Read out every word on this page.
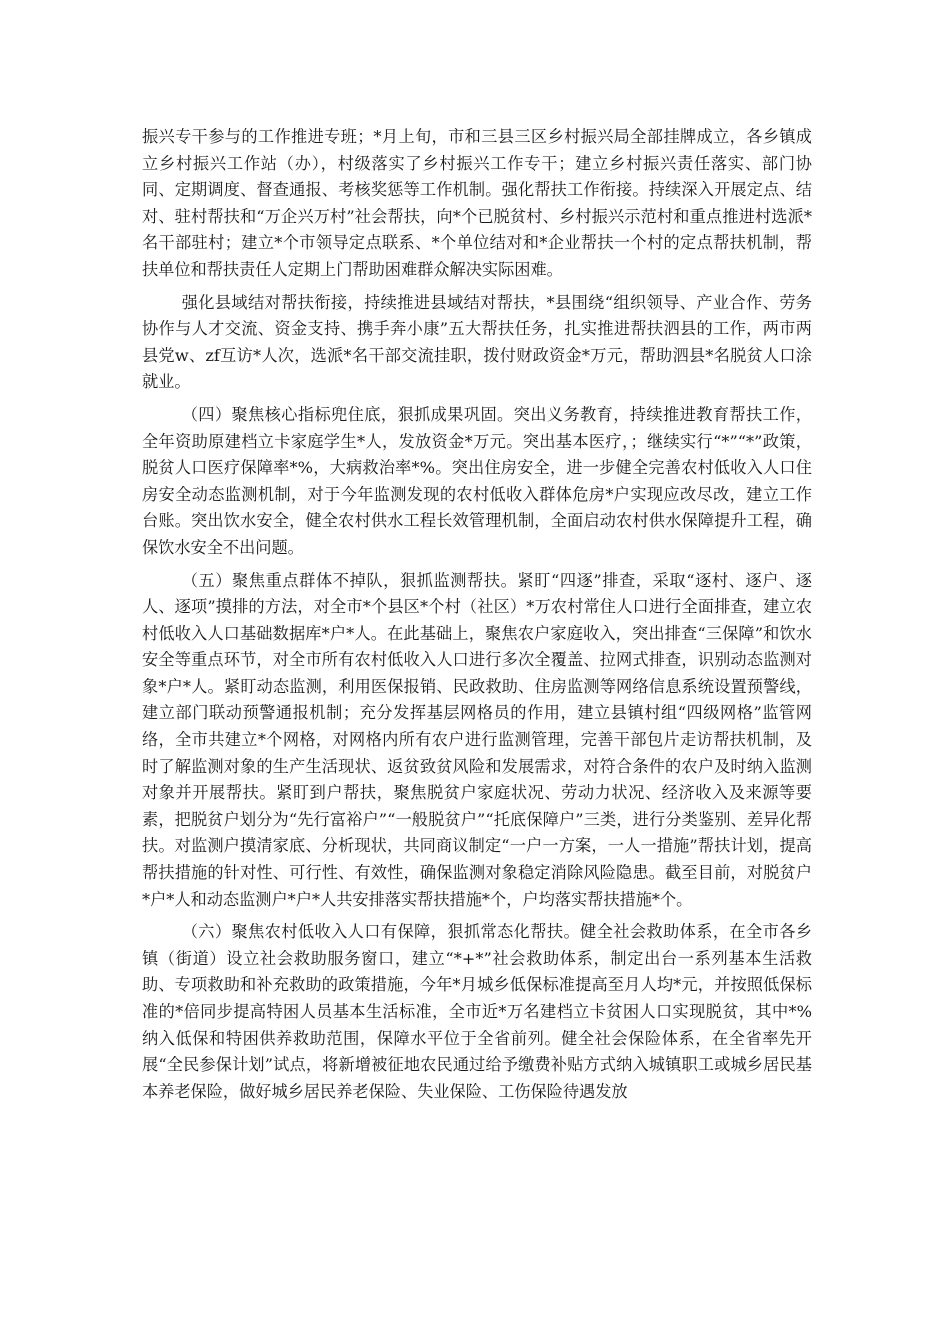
振兴专干参与的工作推进专班；*月上旬，市和三县三区乡村振兴局全部挂牌成立，各乡镇成立乡村振兴工作站（办），村级落实了乡村振兴工作专干；建立乡村振兴责任落实、部门协同、定期调度、督查通报、考核奖惩等工作机制。强化帮扶工作衔接。持续深入开展定点、结对、驻村帮扶和“万企兴万村”社会帮扶，向*个已脱贫村、乡村振兴示范村和重点推进村选派*名干部驻村；建立*个市领导定点联系、*个单位结对和*企业帮扶一个村的定点帮扶机制，帮扶单位和帮扶责任人定期上门帮助困难群众解决实际困难。

强化县域结对帮扶衔接，持续推进县域结对帮扶，*县围绕“组织领导、产业合作、劳务协作与人才交流、资金支持、携手奔小康”五大帮扶任务，扎实推进帮扶泗县的工作，两市两县党w、zf互访*人次，选派*名干部交流挂职，拨付财政资金*万元，帮助泗县*名脱贫人口涂就业。

（四）聚焦核心指标兜住底，狠抓成果巩固。突出义务教育，持续推进教育帮扶工作，全年资助原建档立卡家庭学生*人，发放资金*万元。突出基本医疗，；继续实行“*”“*”政策，脱贫人口医疗保障率*%，大病救治率*%。突出住房安全，进一步健全完善农村低收入人口住房安全动态监测机制，对于今年监测发现的农村低收入群体危房*户实现应改尽改，建立工作台账。突出饮水安全，健全农村供水工程长效管理机制，全面启动农村供水保障提升工程，确保饮水安全不出问题。

（五）聚焦重点群体不掉队，狠抓监测帮扶。紧盯“四逐”排查，采取“逐村、逐户、逐人、逐项”摸排的方法，对全市*个县区*个村（社区）*万农村常住人口进行全面排查，建立农村低收入人口基础数据库*户*人。在此基础上，聚焦农户家庭收入，突出排查“三保障”和饮水安全等重点环节，对全市所有农村低收入人口进行多次全覆盖、拉网式排查，识别动态监测对象*户*人。紧盯动态监测，利用医保报销、民政救助、住房监测等网络信息系统设置预警线，建立部门联动预警通报机制；充分发挥基层网格员的作用，建立县镇村组“四级网格”监管网络，全市共建立*个网格，对网格内所有农户进行监测管理，完善干部包片走访帮扶机制，及时了解监测对象的生产生活现状、返贫致贫风险和发展需求，对符合条件的农户及时纳入监测对象并开展帮扶。紧盯到户帮扶，聚焦脱贫户家庭状况、劳动力状况、经济收入及来源等要素，把脱贫户划分为“先行富裕户”“一般脱贫户”“托底保障户”三类，进行分类鉴别、差异化帮扶。对监测户摸清家底、分析现状，共同商议制定“一户一方案，一人一措施”帮扶计划，提高帮扶措施的针对性、可行性、有效性，确保监测对象稳定消除风险隐患。截至目前，对脱贫户*户*人和动态监测户*户*人共安排落实帮扶措施*个，户均落实帮扶措施*个。

（六）聚焦农村低收入人口有保障，狠抓常态化帮扶。健全社会救助体系，在全市各乡镇（街道）设立社会救助服务窗口，建立“*+*”社会救助体系，制定出台一系列基本生活救助、专项救助和补充救助的政策措施，今年*月城乡低保标准提高至月人均*元，并按照低保标准的*倍同步提高特困人员基本生活标准，全市近*万名建档立卡贫困人口实现脱贫，其中*%纳入低保和特困供养救助范围，保障水平位于全省前列。健全社会保险体系，在全省率先开展“全民参保计划”试点，将新增被征地农民通过给予缴费补贴方式纳入城镇职工或城乡居民基本养老保险，做好城乡居民养老保险、失业保险、工伤保险待遇发放
